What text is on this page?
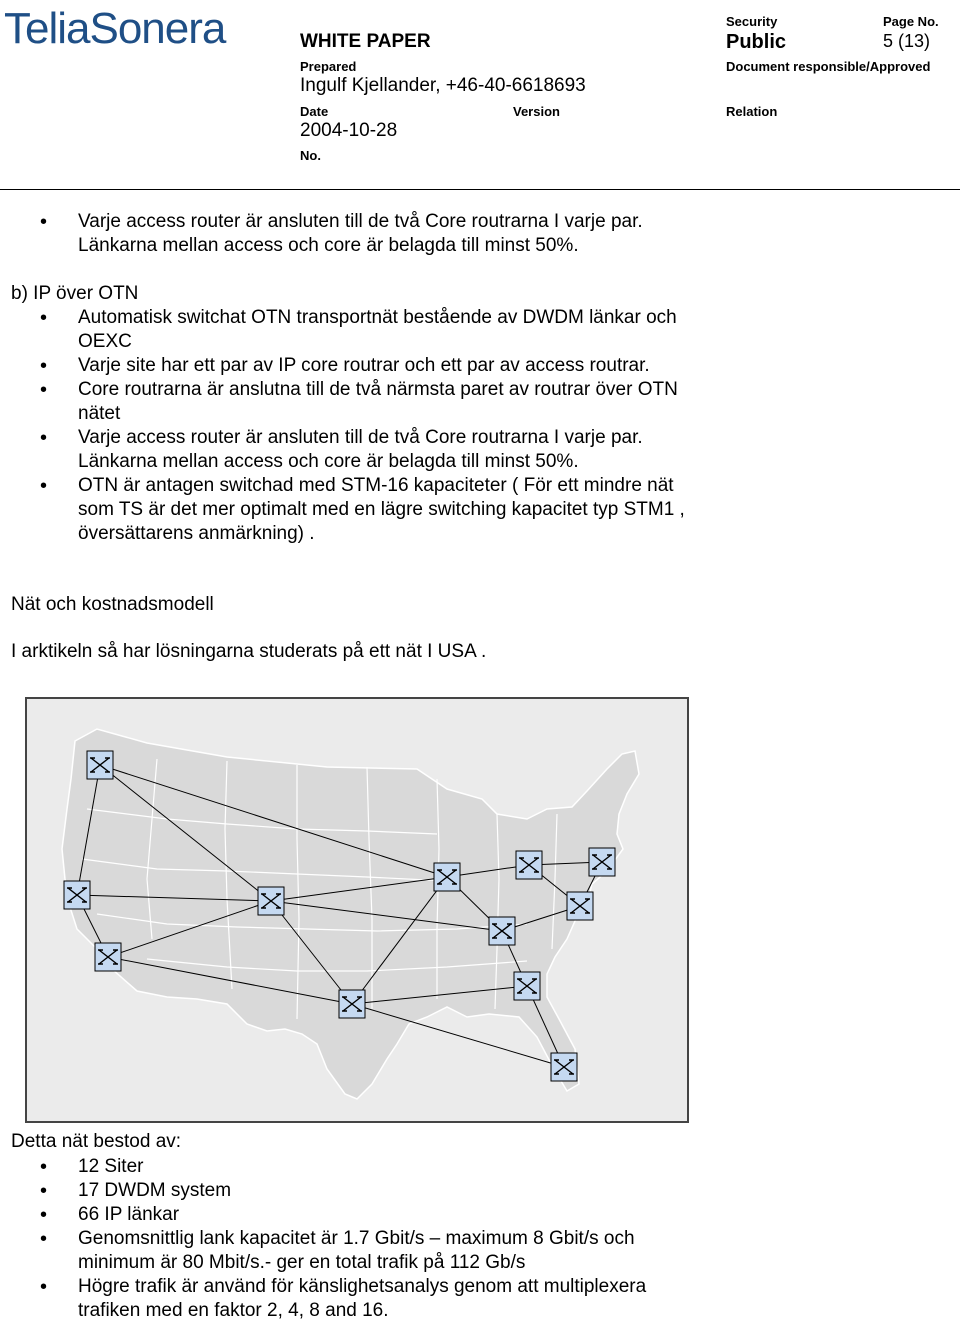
TeliaSonera	WHITE PAPER
Security
Public
Page No.
5 (13)
Prepared
Ingulf Kjellander, +46-40-6618693
Document responsible/Approved
Date
2004-10-28
Version	Relation
No.
• Varje access router är ansluten till de två Core routrarna I varje par. Länkarna mellan access och core är belagda till minst 50%.
b) IP över OTN
• Automatisk switchat OTN transportnät bestående av DWDM länkar och OEXC
• Varje site har ett par av IP core routrar och ett par av access routrar.
• Core routrarna är anslutna till de två närmsta paret av routrar över OTN nätet
• Varje access router är ansluten till de två Core routrarna I varje par. Länkarna mellan access och core är belagda till minst 50%.
• OTN är antagen switchad med STM-16 kapaciteter ( För ett mindre nät som TS är det mer optimalt med en lägre switching kapacitet typ STM1 , översättarens anmärkning) .
Nät och kostnadsmodell
I arktikeln så har lösningarna studerats på ett nät I USA .
Detta nät bestod av:
• 12 Siter
• 17 DWDM system
• 66 IP länkar
• Genomsnittlig lank kapacitet är 1.7 Gbit/s – maximum 8 Gbit/s och minimum är 80 Mbit/s.- ger en total trafik på 112 Gb/s
• Högre trafik är använd för känslighetsanalys genom att multiplexera trafiken med en faktor 2, 4, 8 and 16.
